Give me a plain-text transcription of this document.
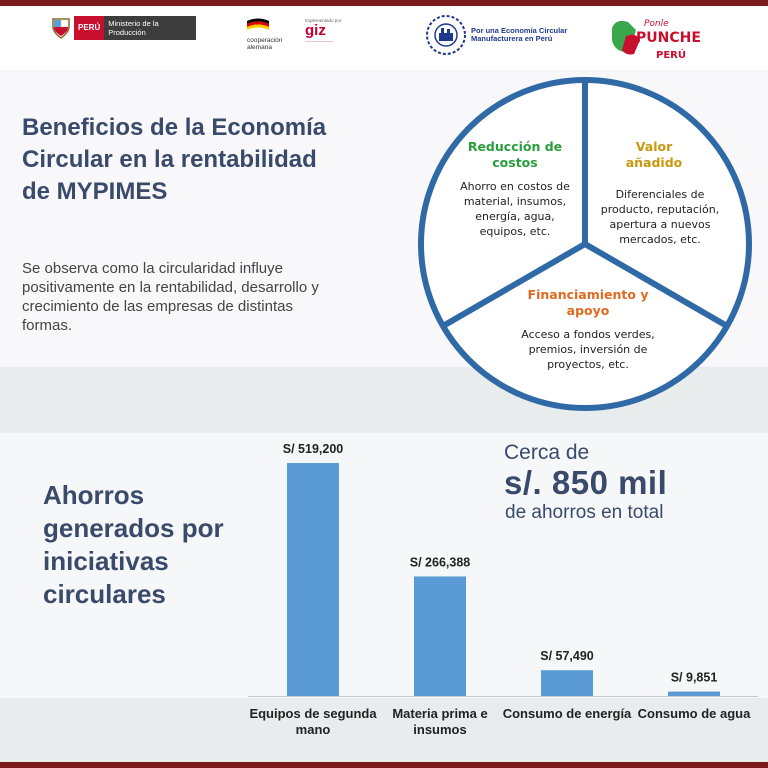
PERÚ	Ministerio de la Producción
cooperación alemana
Implementado por
giz
———————
Por una Economía Circular Manufacturera en Perú
Ponle
PUNCHE
PERÚ
Beneficios de la Economía Circular en la rentabilidad de MYPIMES

Se observa como la circularidad influye positivamente en la rentabilidad, desarrollo y crecimiento de las empresas de distintas formas.

Reducción de costos
Ahorro en costos de material, insumos, energía, agua, equipos, etc.
Valor añadido
Diferenciales de producto, reputación, apertura a nuevos mercados, etc.
Financiamiento y apoyo
Acceso a fondos verdes, premios, inversión de proyectos, etc.
Ahorros generados por iniciativas circulares
Cerca de
s/. 850 mil
de ahorros en total
S/ 519,200
S/ 266,388
S/ 57,490
S/ 9,851
Equipos de segunda mano
Materia prima e insumos
Consumo de energía Consumo de agua
